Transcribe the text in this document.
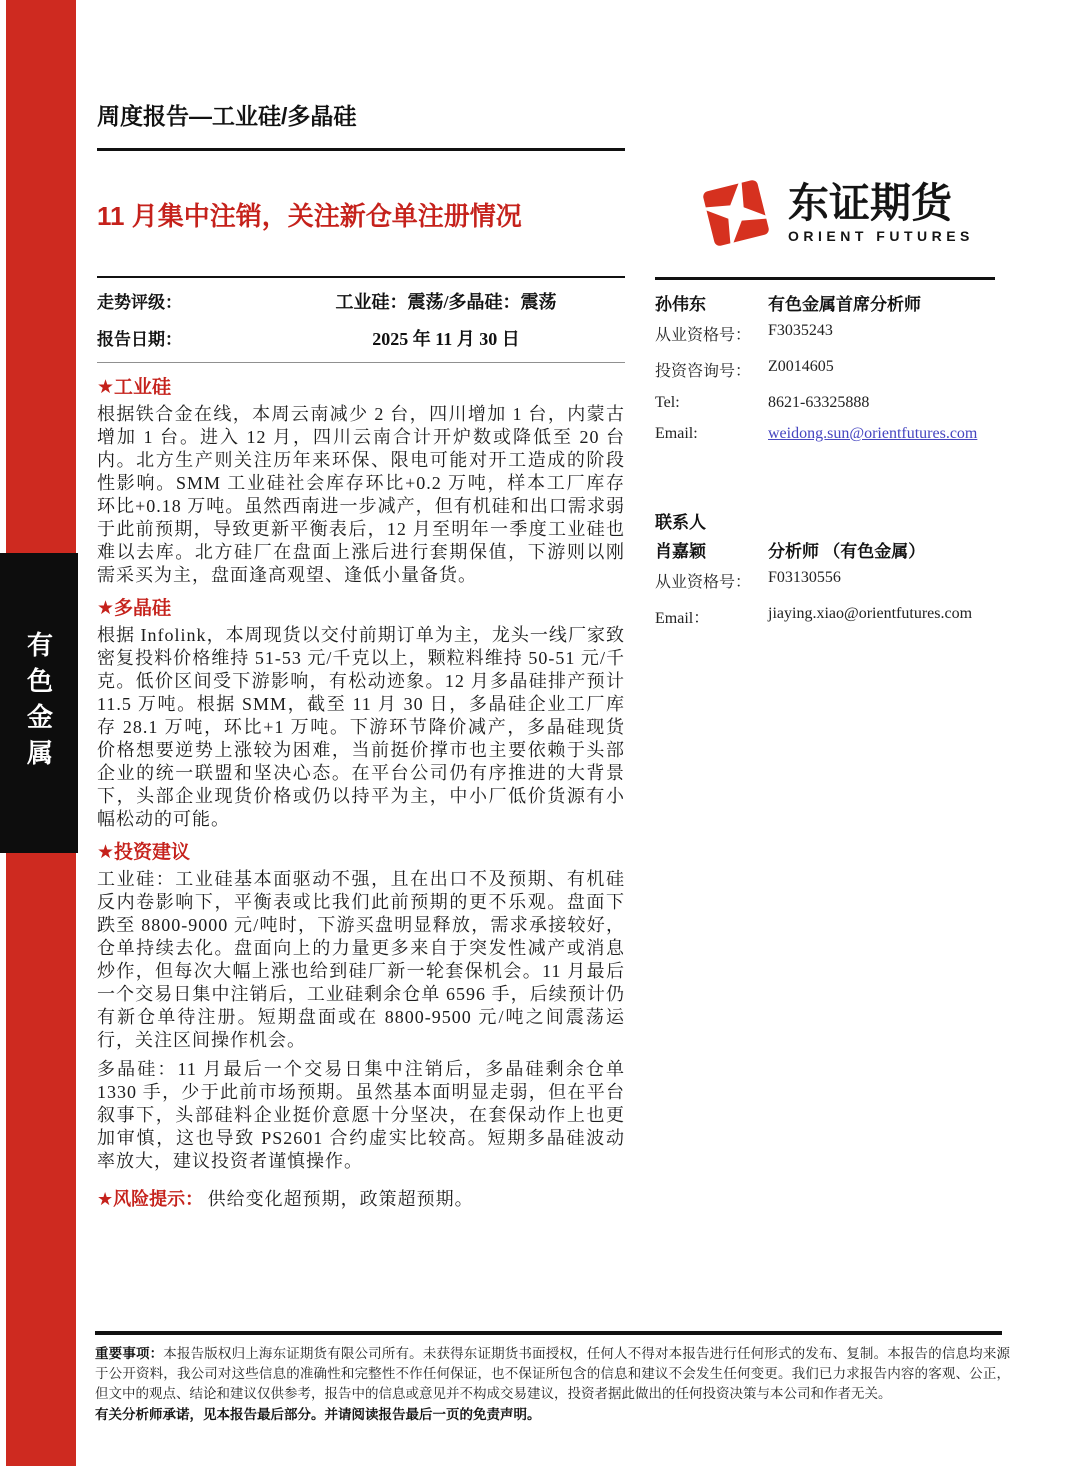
有色金属
周度报告—工业硅/多晶硅
11 月集中注销，关注新仓单注册情况	东证期货
ORIENT FUTURES
走势评级：	工业硅：震荡/多晶硅：震荡
报告日期：	2025 年 11 月 30 日
★工业硅

根据铁合金在线，本周云南减少 2 台，四川增加 1 台，内蒙古增加 1 台。进入 12 月，四川云南合计开炉数或降低至 20 台内。北方生产则关注历年来环保、限电可能对开工造成的阶段性影响。SMM 工业硅社会库存环比+0.2 万吨，样本工厂库存环比+0.18 万吨。虽然西南进一步减产，但有机硅和出口需求弱于此前预期，导致更新平衡表后，12 月至明年一季度工业硅也难以去库。北方硅厂在盘面上涨后进行套期保值，下游则以刚需采买为主，盘面逢高观望、逢低小量备货。

★多晶硅

根据 Infolink，本周现货以交付前期订单为主，龙头一线厂家致密复投料价格维持 51-53 元/千克以上，颗粒料维持 50-51 元/千克。低价区间受下游影响，有松动迹象。12 月多晶硅排产预计 11.5 万吨。根据 SMM，截至 11 月 30 日，多晶硅企业工厂库存 28.1 万吨，环比+1 万吨。下游环节降价减产，多晶硅现货价格想要逆势上涨较为困难，当前挺价撑市也主要依赖于头部企业的统一联盟和坚决心态。在平台公司仍有序推进的大背景下，头部企业现货价格或仍以持平为主，中小厂低价货源有小幅松动的可能。

★投资建议

工业硅：工业硅基本面驱动不强，且在出口不及预期、有机硅反内卷影响下，平衡表或比我们此前预期的更不乐观。盘面下跌至 8800-9000 元/吨时，下游买盘明显释放，需求承接较好，仓单持续去化。盘面向上的力量更多来自于突发性减产或消息炒作，但每次大幅上涨也给到硅厂新一轮套保机会。11 月最后一个交易日集中注销后，工业硅剩余仓单 6596 手，后续预计仍有新仓单待注册。短期盘面或在 8800-9500 元/吨之间震荡运行，关注区间操作机会。

多晶硅：11 月最后一个交易日集中注销后，多晶硅剩余仓单 1330 手，少于此前市场预期。虽然基本面明显走弱，但在平台叙事下，头部硅料企业挺价意愿十分坚决，在套保动作上也更加审慎，这也导致 PS2601 合约虚实比较高。短期多晶硅波动率放大，建议投资者谨慎操作。

★风险提示： 供给变化超预期，政策超预期。
孙伟东	有色金属首席分析师
从业资格号：	F3035243
投资咨询号：	Z0014605
Tel:	8621-63325888
Email:	weidong.sun@orientfutures.com
联系人
肖嘉颖	分析师 （有色金属）
从业资格号：	F03130556
Email：	jiaying.xiao@orientfutures.com
重要事项：本报告版权归上海东证期货有限公司所有。未获得东证期货书面授权，任何人不得对本报告进行任何形式的发布、复制。本报告的信息均来源于公开资料，我公司对这些信息的准确性和完整性不作任何保证，也不保证所包含的信息和建议不会发生任何变更。我们已力求报告内容的客观、公正，但文中的观点、结论和建议仅供参考，报告中的信息或意见并不构成交易建议，投资者据此做出的任何投资决策与本公司和作者无关。
有关分析师承诺，见本报告最后部分。并请阅读报告最后一页的免责声明。
